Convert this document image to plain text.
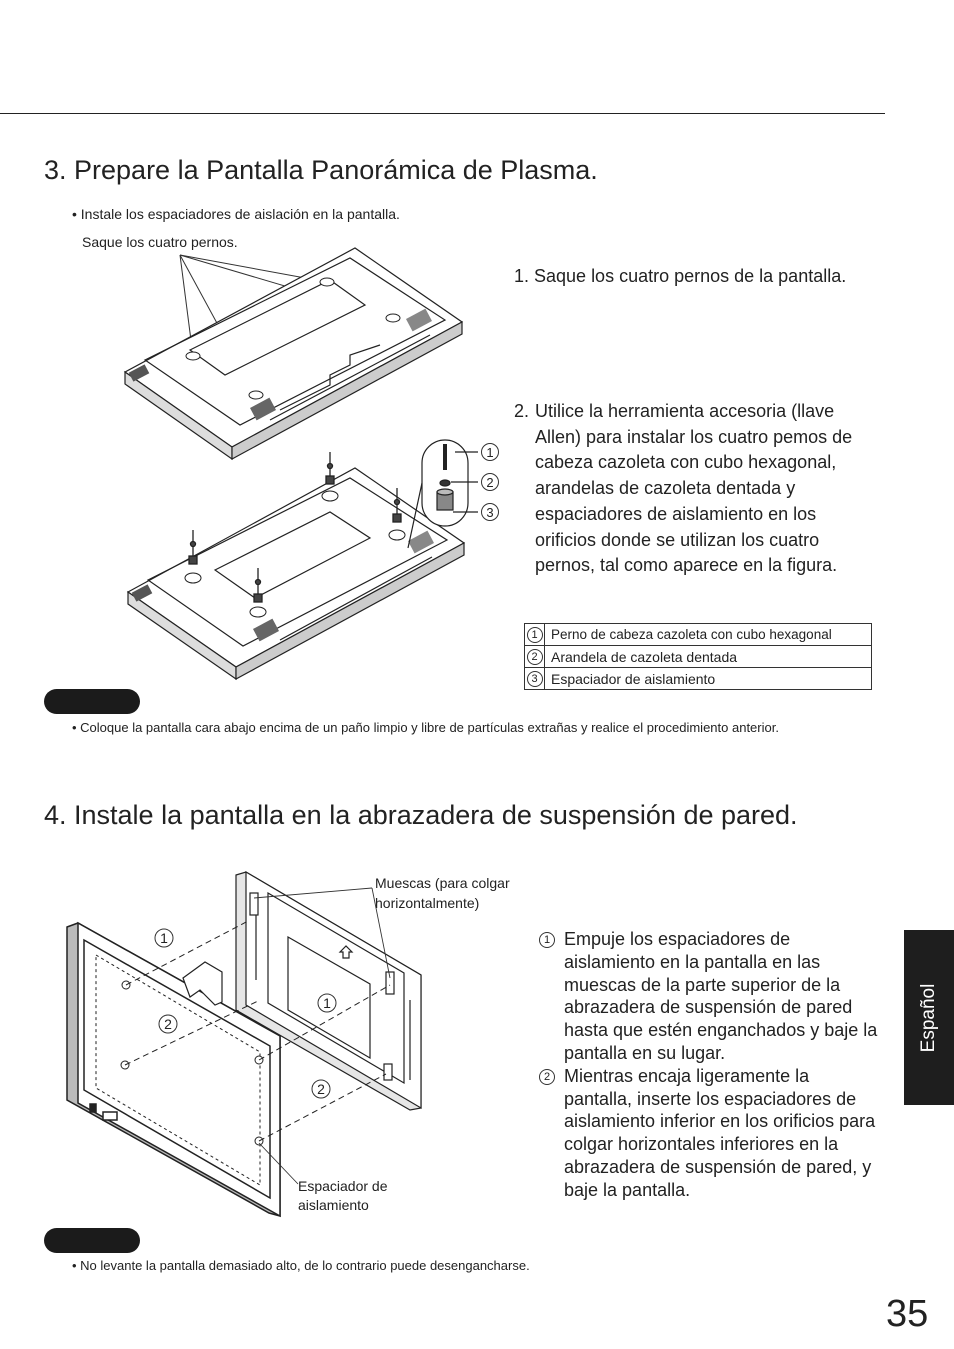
3. Prepare la Pantalla Panorámica de Plasma.
• Instale los espaciadores de aislación en la pantalla.
Saque los cuatro pernos.
1
2
3
1. Saque los cuatro pernos de la pantalla.
2. Utilice la herramienta accesoria (llave Allen) para instalar los cuatro pemos de cabeza cazoleta con cubo hexagonal, arandelas de cazoleta dentada y espaciadores de aislamiento en los orificios donde se utilizan los cuatro pernos, tal como aparece en la figura.
1	Perno de cabeza cazoleta con cubo hexagonal
2	Arandela de cazoleta dentada
3	Espaciador de aislamiento
• Coloque la pantalla cara abajo encima de un paño limpio y libre de partículas extrañas y realice el procedimiento anterior.
4. Instale la pantalla en la abrazadera de suspensión de pared.
Muescas (para colgar
horizontalmente)
Espaciador de
aislamiento
1
2
1
2
1 Empuje los espaciadores de aislamiento en la pantalla en las muescas de la parte superior de la abrazadera de suspensión de pared hasta que estén enganchados y baje la pantalla en su lugar.
2 Mientras encaja ligeramente la pantalla, inserte los espaciadores de aislamiento inferior en los orificios para colgar horizontales inferiores en la abrazadera de suspensión de pared, y baje la pantalla.
• No levante la pantalla demasiado alto, de lo contrario puede desengancharse.
Español
35
